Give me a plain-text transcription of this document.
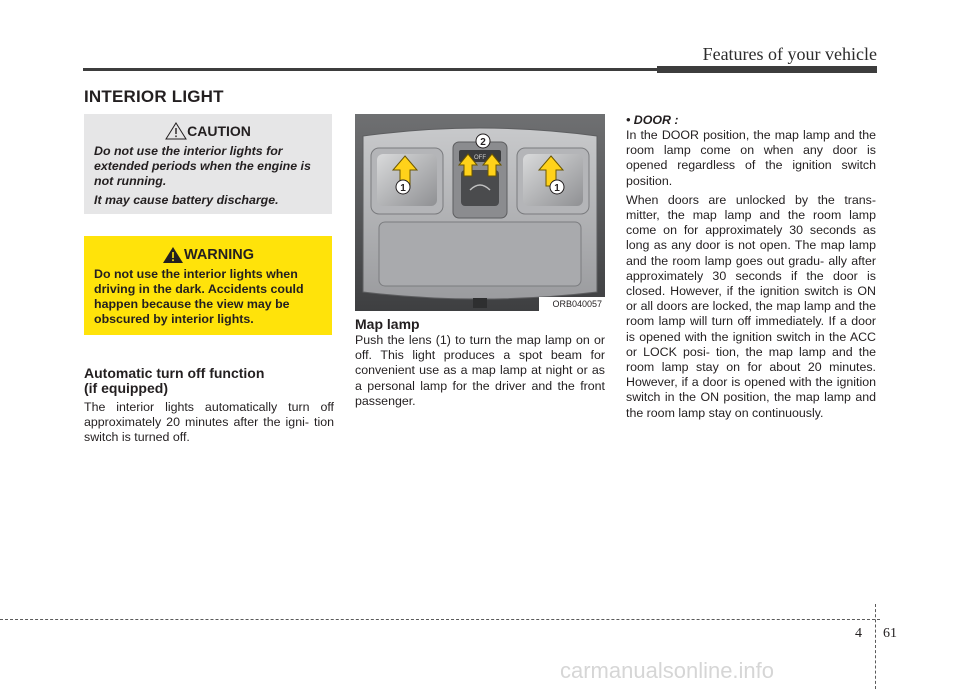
Features of your vehicle
INTERIOR LIGHT
CAUTION

Do not use the interior lights for extended periods when the engine is not running.

It may cause battery discharge.

WARNING

Do not use the interior lights when driving in the dark. Accidents could happen because the view may be obscured by interior lights.

Automatic turn off function
(if equipped)
The interior lights automatically turn off approximately 20 minutes after the igni- tion switch is turned off.
OFF
1	1
2
ORB040057
Map lamp
Push the lens (1) to turn the map lamp on or off. This light produces a spot beam for convenient use as a map lamp at night or as a personal lamp for the driver and the front passenger.
• DOOR :

In the DOOR position, the map lamp and the room lamp come on when any door is opened regardless of the ignition switch position.

When doors are unlocked by the trans- mitter, the map lamp and the room lamp come on for approximately 30 seconds as long as any door is not open. The map lamp and the room lamp goes out gradu- ally after approximately 30 seconds if the door is closed. However, if the ignition switch is ON or all doors are locked, the map lamp and the room lamp will turn off immediately. If a door is opened with the ignition switch in the ACC or LOCK posi- tion, the map lamp and the room lamp stay on for about 20 minutes. However, if a door is opened with the ignition switch in the ON position, the map lamp and the room lamp stay on continuously.

4 61
carmanualsonline.info
